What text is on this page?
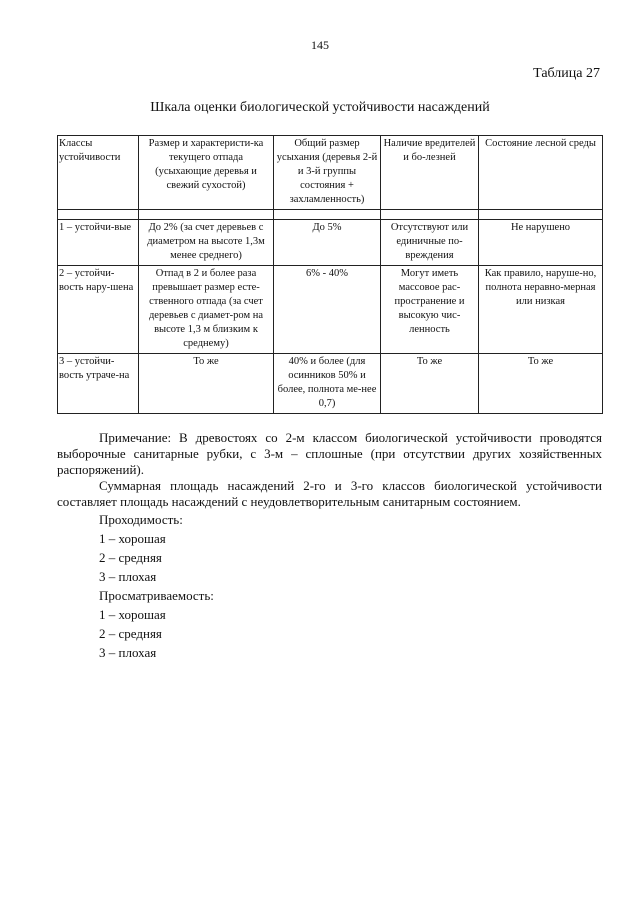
145
Таблица 27
Шкала оценки биологической устойчивости насаждений
Классы устойчивости	Размер и характеристи-ка текущего отпада (усыхающие деревья и свежий сухостой)	Общий размер усыхания (деревья 2-й и 3-й группы состояния + захламленность)	Наличие вредителей и бо-лезней	Состояние лесной среды

1 – устойчи-вые	До 2% (за счет деревьев с диаметром на высоте 1,3м менее среднего)	До 5%	Отсутствуют или единичные по-вреждения	Не нарушено
2 – устойчи-вость нару-шена	Отпад в 2 и более раза превышает размер есте-ственного отпада (за счет деревьев с диамет-ром на высоте 1,3 м близким к среднему)	6% - 40%	Могут иметь массовое рас-пространение и высокую чис-ленность	Как правило, наруше-но, полнота неравно-мерная или низкая
3 – устойчи-вость утраче-на	То же	40% и более (для осинников 50% и более, полнота ме-нее 0,7)	То же	То же

Примечание: В древостоях со 2-м классом биологической устойчивости проводятся выборочные санитарные рубки, с 3-м – сплошные (при отсутствии других хозяйственных распоряжений).

Суммарная площадь насаждений 2-го и 3-го классов биологической устойчивости составляет площадь насаждений с неудовлетворительным санитарным состоянием.

Проходимость:
1 – хорошая
2 – средняя
3 – плохая
Просматриваемость:
1 – хорошая
2 – средняя
3 – плохая
